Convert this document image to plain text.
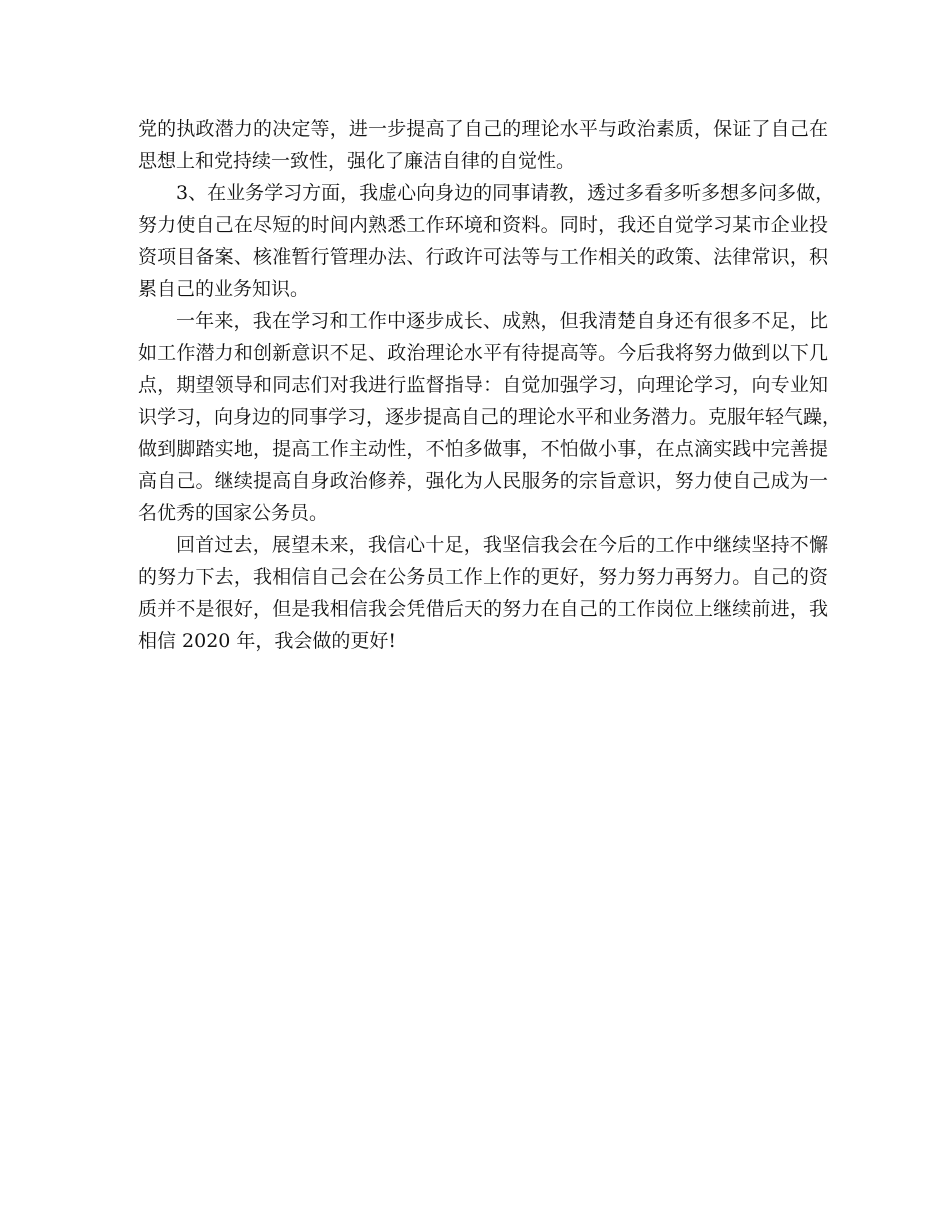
党的执政潜力的决定等，进一步提高了自己的理论水平与政治素质，保证了自己在
思想上和党持续一致性，强化了廉洁自律的自觉性。
3、在业务学习方面，我虚心向身边的同事请教，透过多看多听多想多问多做，
努力使自己在尽短的时间内熟悉工作环境和资料。同时，我还自觉学习某市企业投
资项目备案、核准暂行管理办法、行政许可法等与工作相关的政策、法律常识，积
累自己的业务知识。
一年来，我在学习和工作中逐步成长、成熟，但我清楚自身还有很多不足，比
如工作潜力和创新意识不足、政治理论水平有待提高等。今后我将努力做到以下几
点，期望领导和同志们对我进行监督指导：自觉加强学习，向理论学习，向专业知
识学习，向身边的同事学习，逐步提高自己的理论水平和业务潜力。克服年轻气躁，
做到脚踏实地，提高工作主动性，不怕多做事，不怕做小事，在点滴实践中完善提
高自己。继续提高自身政治修养，强化为人民服务的宗旨意识，努力使自己成为一
名优秀的国家公务员。
回首过去，展望未来，我信心十足，我坚信我会在今后的工作中继续坚持不懈
的努力下去，我相信自己会在公务员工作上作的更好，努力努力再努力。自己的资
质并不是很好，但是我相信我会凭借后天的努力在自己的工作岗位上继续前进，我
相信 2020 年，我会做的更好!
